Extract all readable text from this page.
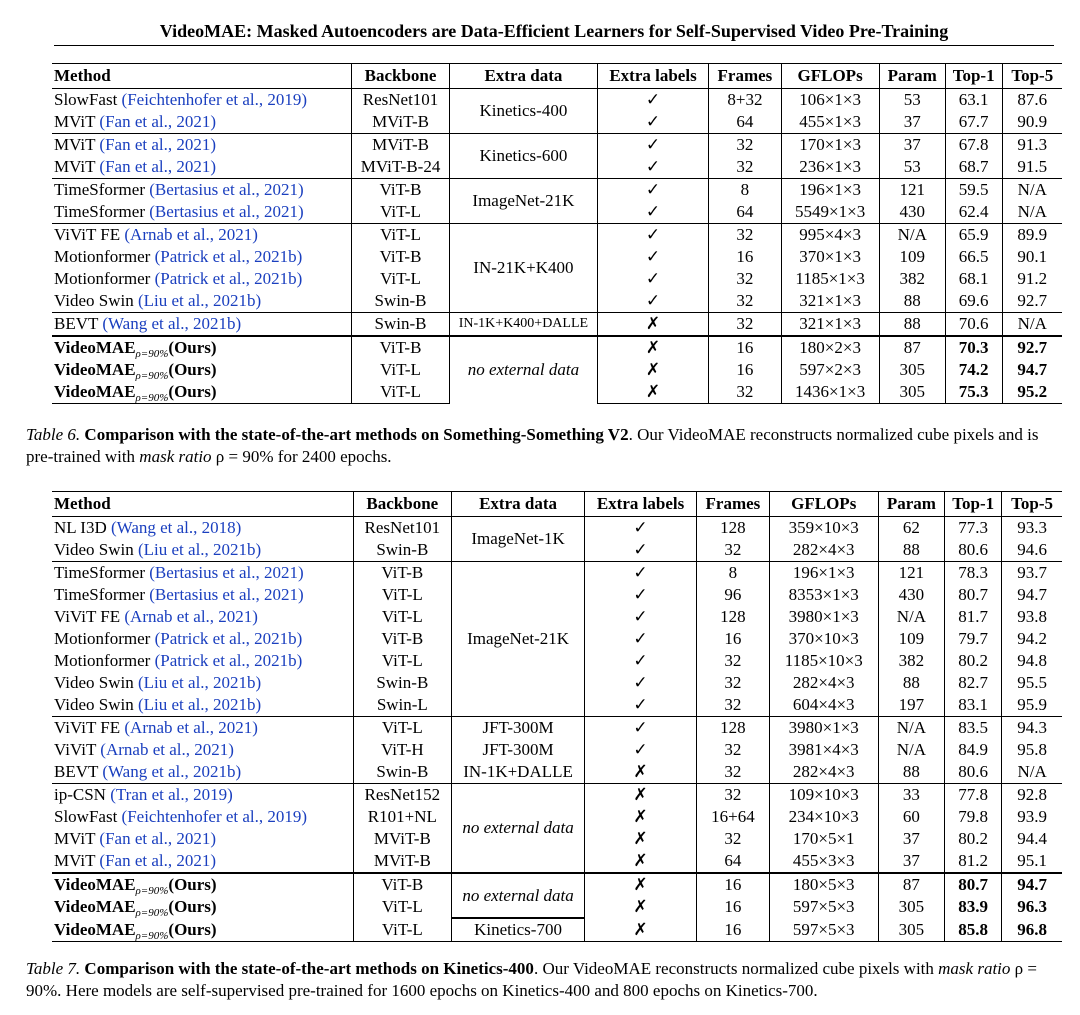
VideoMAE: Masked Autoencoders are Data-Efficient Learners for Self-Supervised Video Pre-Training
Method	Backbone	Extra data	Extra labels	Frames	GFLOPs	Param	Top-1	Top-5
SlowFast (Feichtenhofer et al., 2019)	ResNet101	Kinetics-400	✓	8+32	106×1×3	53	63.1	87.6
MViT (Fan et al., 2021)	MViT-B		✓	64	455×1×3	37	67.7	90.9
MViT (Fan et al., 2021)	MViT-B	Kinetics-600	✓	32	170×1×3	37	67.8	91.3
MViT (Fan et al., 2021)	MViT-B-24		✓	32	236×1×3	53	68.7	91.5
TimeSformer (Bertasius et al., 2021)	ViT-B	ImageNet-21K	✓	8	196×1×3	121	59.5	N/A
TimeSformer (Bertasius et al., 2021)	ViT-L		✓	64	5549×1×3	430	62.4	N/A
ViViT FE (Arnab et al., 2021)	ViT-L	IN-21K+K400	✓	32	995×4×3	N/A	65.9	89.9
Motionformer (Patrick et al., 2021b)	ViT-B		✓	16	370×1×3	109	66.5	90.1
Motionformer (Patrick et al., 2021b)	ViT-L		✓	32	1185×1×3	382	68.1	91.2
Video Swin (Liu et al., 2021b)	Swin-B		✓	32	321×1×3	88	69.6	92.7
BEVT (Wang et al., 2021b)	Swin-B	IN-1K+K400+DALLE	✗	32	321×1×3	88	70.6	N/A
VideoMAE$_{\rho=90\%}$(Ours)	ViT-B	no external data	✗	16	180×2×3	87	70.3	92.7
VideoMAE$_{\rho=90\%}$(Ours)	ViT-L		✗	16	597×2×3	305	74.2	94.7
VideoMAE$_{\rho=90\%}$(Ours)	ViT-L		✗	32	1436×1×3	305	75.3	95.2
Table 6. Comparison with the state-of-the-art methods on Something-Something V2. Our VideoMAE reconstructs normalized cube pixels and is pre-trained with mask ratio ρ = 90% for 2400 epochs.
Method	Backbone	Extra data	Extra labels	Frames	GFLOPs	Param	Top-1	Top-5
NL I3D (Wang et al., 2018)	ResNet101	ImageNet-1K	✓	128	359×10×3	62	77.3	93.3
Video Swin (Liu et al., 2021b)	Swin-B		✓	32	282×4×3	88	80.6	94.6
TimeSformer (Bertasius et al., 2021)	ViT-B	ImageNet-21K	✓	8	196×1×3	121	78.3	93.7
TimeSformer (Bertasius et al., 2021)	ViT-L		✓	96	8353×1×3	430	80.7	94.7
ViViT FE (Arnab et al., 2021)	ViT-L		✓	128	3980×1×3	N/A	81.7	93.8
Motionformer (Patrick et al., 2021b)	ViT-B		✓	16	370×10×3	109	79.7	94.2
Motionformer (Patrick et al., 2021b)	ViT-L		✓	32	1185×10×3	382	80.2	94.8
Video Swin (Liu et al., 2021b)	Swin-B		✓	32	282×4×3	88	82.7	95.5
Video Swin (Liu et al., 2021b)	Swin-L		✓	32	604×4×3	197	83.1	95.9
ViViT FE (Arnab et al., 2021)	ViT-L	JFT-300M	✓	128	3980×1×3	N/A	83.5	94.3
ViViT (Arnab et al., 2021)	ViT-H	JFT-300M	✓	32	3981×4×3	N/A	84.9	95.8
BEVT (Wang et al., 2021b)	Swin-B	IN-1K+DALLE	✗	32	282×4×3	88	80.6	N/A
ip-CSN (Tran et al., 2019)	ResNet152	no external data	✗	32	109×10×3	33	77.8	92.8
SlowFast (Feichtenhofer et al., 2019)	R101+NL		✗	16+64	234×10×3	60	79.8	93.9
MViT (Fan et al., 2021)	MViT-B		✗	32	170×5×1	37	80.2	94.4
MViT (Fan et al., 2021)	MViT-B		✗	64	455×3×3	37	81.2	95.1
VideoMAE$_{\rho=90\%}$(Ours)	ViT-B	no external data	✗	16	180×5×3	87	80.7	94.7
VideoMAE$_{\rho=90\%}$(Ours)	ViT-L		✗	16	597×5×3	305	83.9	96.3
VideoMAE$_{\rho=90\%}$(Ours)	ViT-L	Kinetics-700	✗	16	597×5×3	305	85.8	96.8
Table 7. Comparison with the state-of-the-art methods on Kinetics-400. Our VideoMAE reconstructs normalized cube pixels with mask ratio ρ = 90%. Here models are self-supervised pre-trained for 1600 epochs on Kinetics-400 and 800 epochs on Kinetics-700.
